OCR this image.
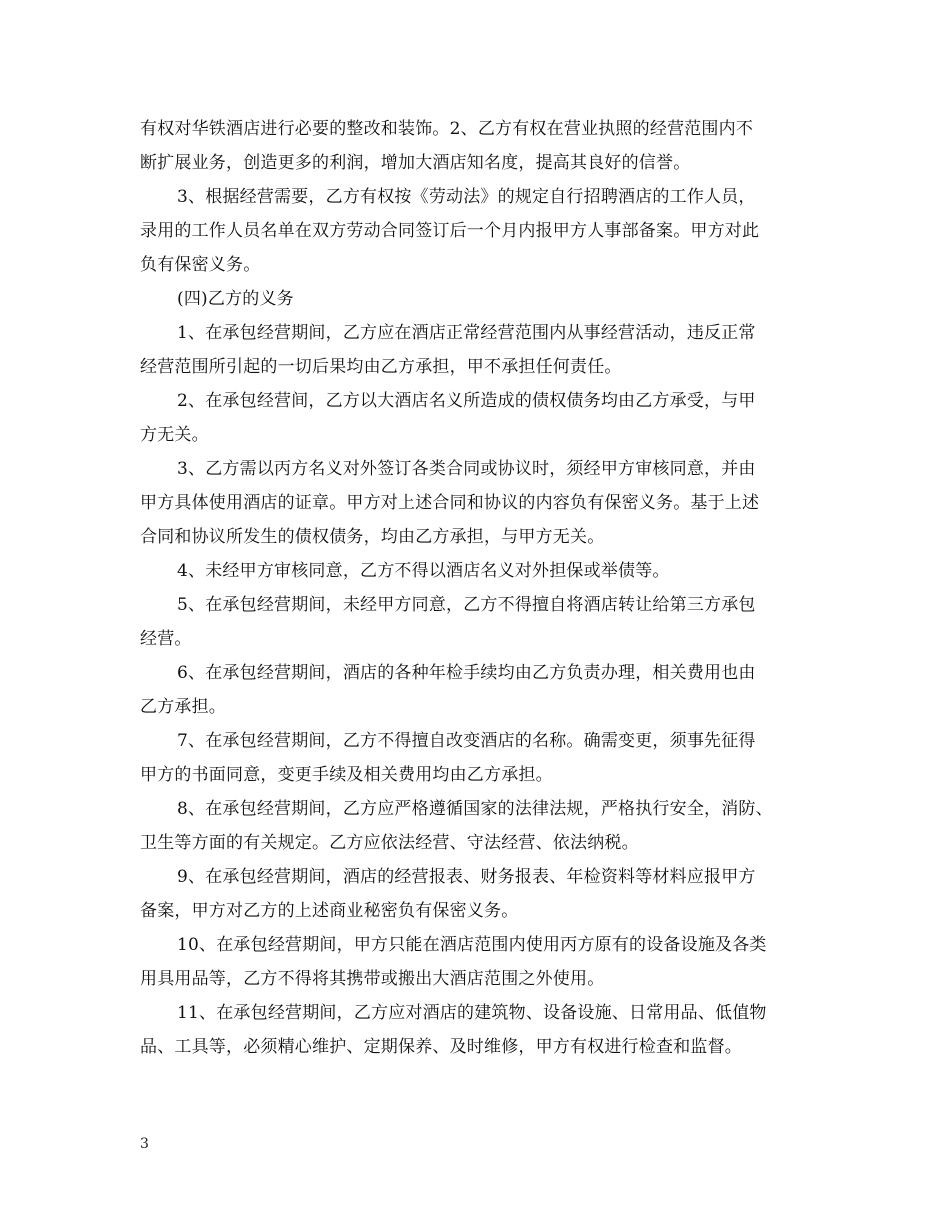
有权对华铁酒店进行必要的整改和装饰。2、乙方有权在营业执照的经营范围内不
断扩展业务，创造更多的利润，增加大酒店知名度，提高其良好的信誉。
3、根据经营需要，乙方有权按《劳动法》的规定自行招聘酒店的工作人员，
录用的工作人员名单在双方劳动合同签订后一个月内报甲方人事部备案。甲方对此
负有保密义务。
(四)乙方的义务
1、在承包经营期间，乙方应在酒店正常经营范围内从事经营活动，违反正常
经营范围所引起的一切后果均由乙方承担，甲不承担任何责任。
2、在承包经营间，乙方以大酒店名义所造成的债权债务均由乙方承受，与甲
方无关。
3、乙方需以丙方名义对外签订各类合同或协议时，须经甲方审核同意，并由
甲方具体使用酒店的证章。甲方对上述合同和协议的内容负有保密义务。基于上述
合同和协议所发生的债权债务，均由乙方承担，与甲方无关。
4、未经甲方审核同意，乙方不得以酒店名义对外担保或举债等。
5、在承包经营期间，未经甲方同意，乙方不得擅自将酒店转让给第三方承包
经营。
6、在承包经营期间，酒店的各种年检手续均由乙方负责办理，相关费用也由
乙方承担。
7、在承包经营期间，乙方不得擅自改变酒店的名称。确需变更，须事先征得
甲方的书面同意，变更手续及相关费用均由乙方承担。
8、在承包经营期间，乙方应严格遵循国家的法律法规，严格执行安全，消防、
卫生等方面的有关规定。乙方应依法经营、守法经营、依法纳税。
9、在承包经营期间，酒店的经营报表、财务报表、年检资料等材料应报甲方
备案，甲方对乙方的上述商业秘密负有保密义务。
10、在承包经营期间，甲方只能在酒店范围内使用丙方原有的设备设施及各类
用具用品等，乙方不得将其携带或搬出大酒店范围之外使用。
11、在承包经营期间，乙方应对酒店的建筑物、设备设施、日常用品、低值物
品、工具等，必须精心维护、定期保养、及时维修，甲方有权进行检查和监督。
3
